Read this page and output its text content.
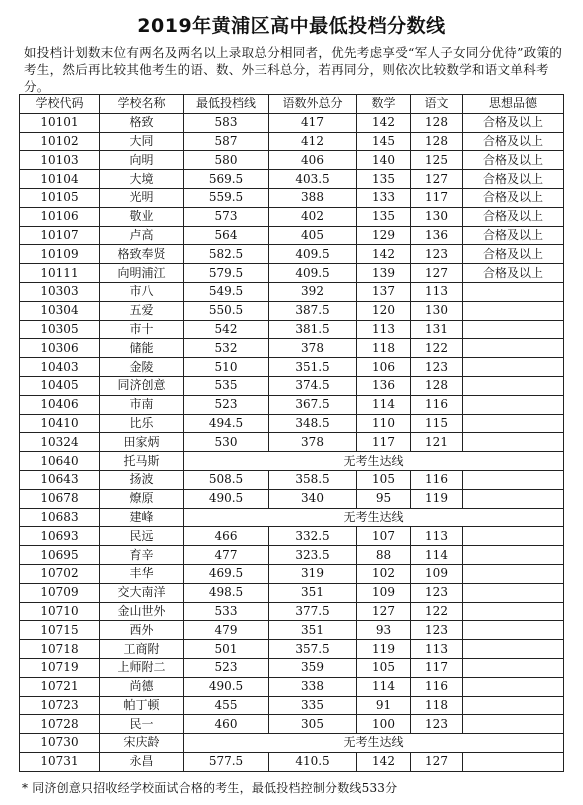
2019年黄浦区高中最低投档分数线
如投档计划数末位有两名及两名以上录取总分相同者，优先考虑享受“军人子女同分优待”政策的考生，然后再比较其他考生的语、数、外三科总分，若再同分，则依次比较数学和语文单科考分。
学校代码	学校名称	最低投档线	语数外总分	数学	语文	思想品德
10101	格致	583	417	142	128	合格及以上
10102	大同	587	412	145	128	合格及以上
10103	向明	580	406	140	125	合格及以上
10104	大境	569.5	403.5	135	127	合格及以上
10105	光明	559.5	388	133	117	合格及以上
10106	敬业	573	402	135	130	合格及以上
10107	卢高	564	405	129	136	合格及以上
10109	格致奉贤	582.5	409.5	142	123	合格及以上
10111	向明浦江	579.5	409.5	139	127	合格及以上
10303	市八	549.5	392	137	113	
10304	五爱	550.5	387.5	120	130	
10305	市十	542	381.5	113	131	
10306	储能	532	378	118	122	
10403	金陵	510	351.5	106	123	
10405	同济创意	535	374.5	136	128	
10406	市南	523	367.5	114	116	
10410	比乐	494.5	348.5	110	115	
10324	田家炳	530	378	117	121	
10640	托马斯	无考生达线				
10643	扬波	508.5	358.5	105	116	
10678	燎原	490.5	340	95	119	
10683	建峰	无考生达线				
10693	民远	466	332.5	107	113	
10695	育辛	477	323.5	88	114	
10702	丰华	469.5	319	102	109	
10709	交大南洋	498.5	351	109	123	
10710	金山世外	533	377.5	127	122	
10715	西外	479	351	93	123	
10718	工商附	501	357.5	119	113	
10719	上师附二	523	359	105	117	
10721	尚德	490.5	338	114	116	
10723	帕丁顿	455	335	91	118	
10728	民一	460	305	100	123	
10730	宋庆龄	无考生达线				
10731	永昌	577.5	410.5	142	127	
* 同济创意只招收经学校面试合格的考生，最低投档控制分数线533分
